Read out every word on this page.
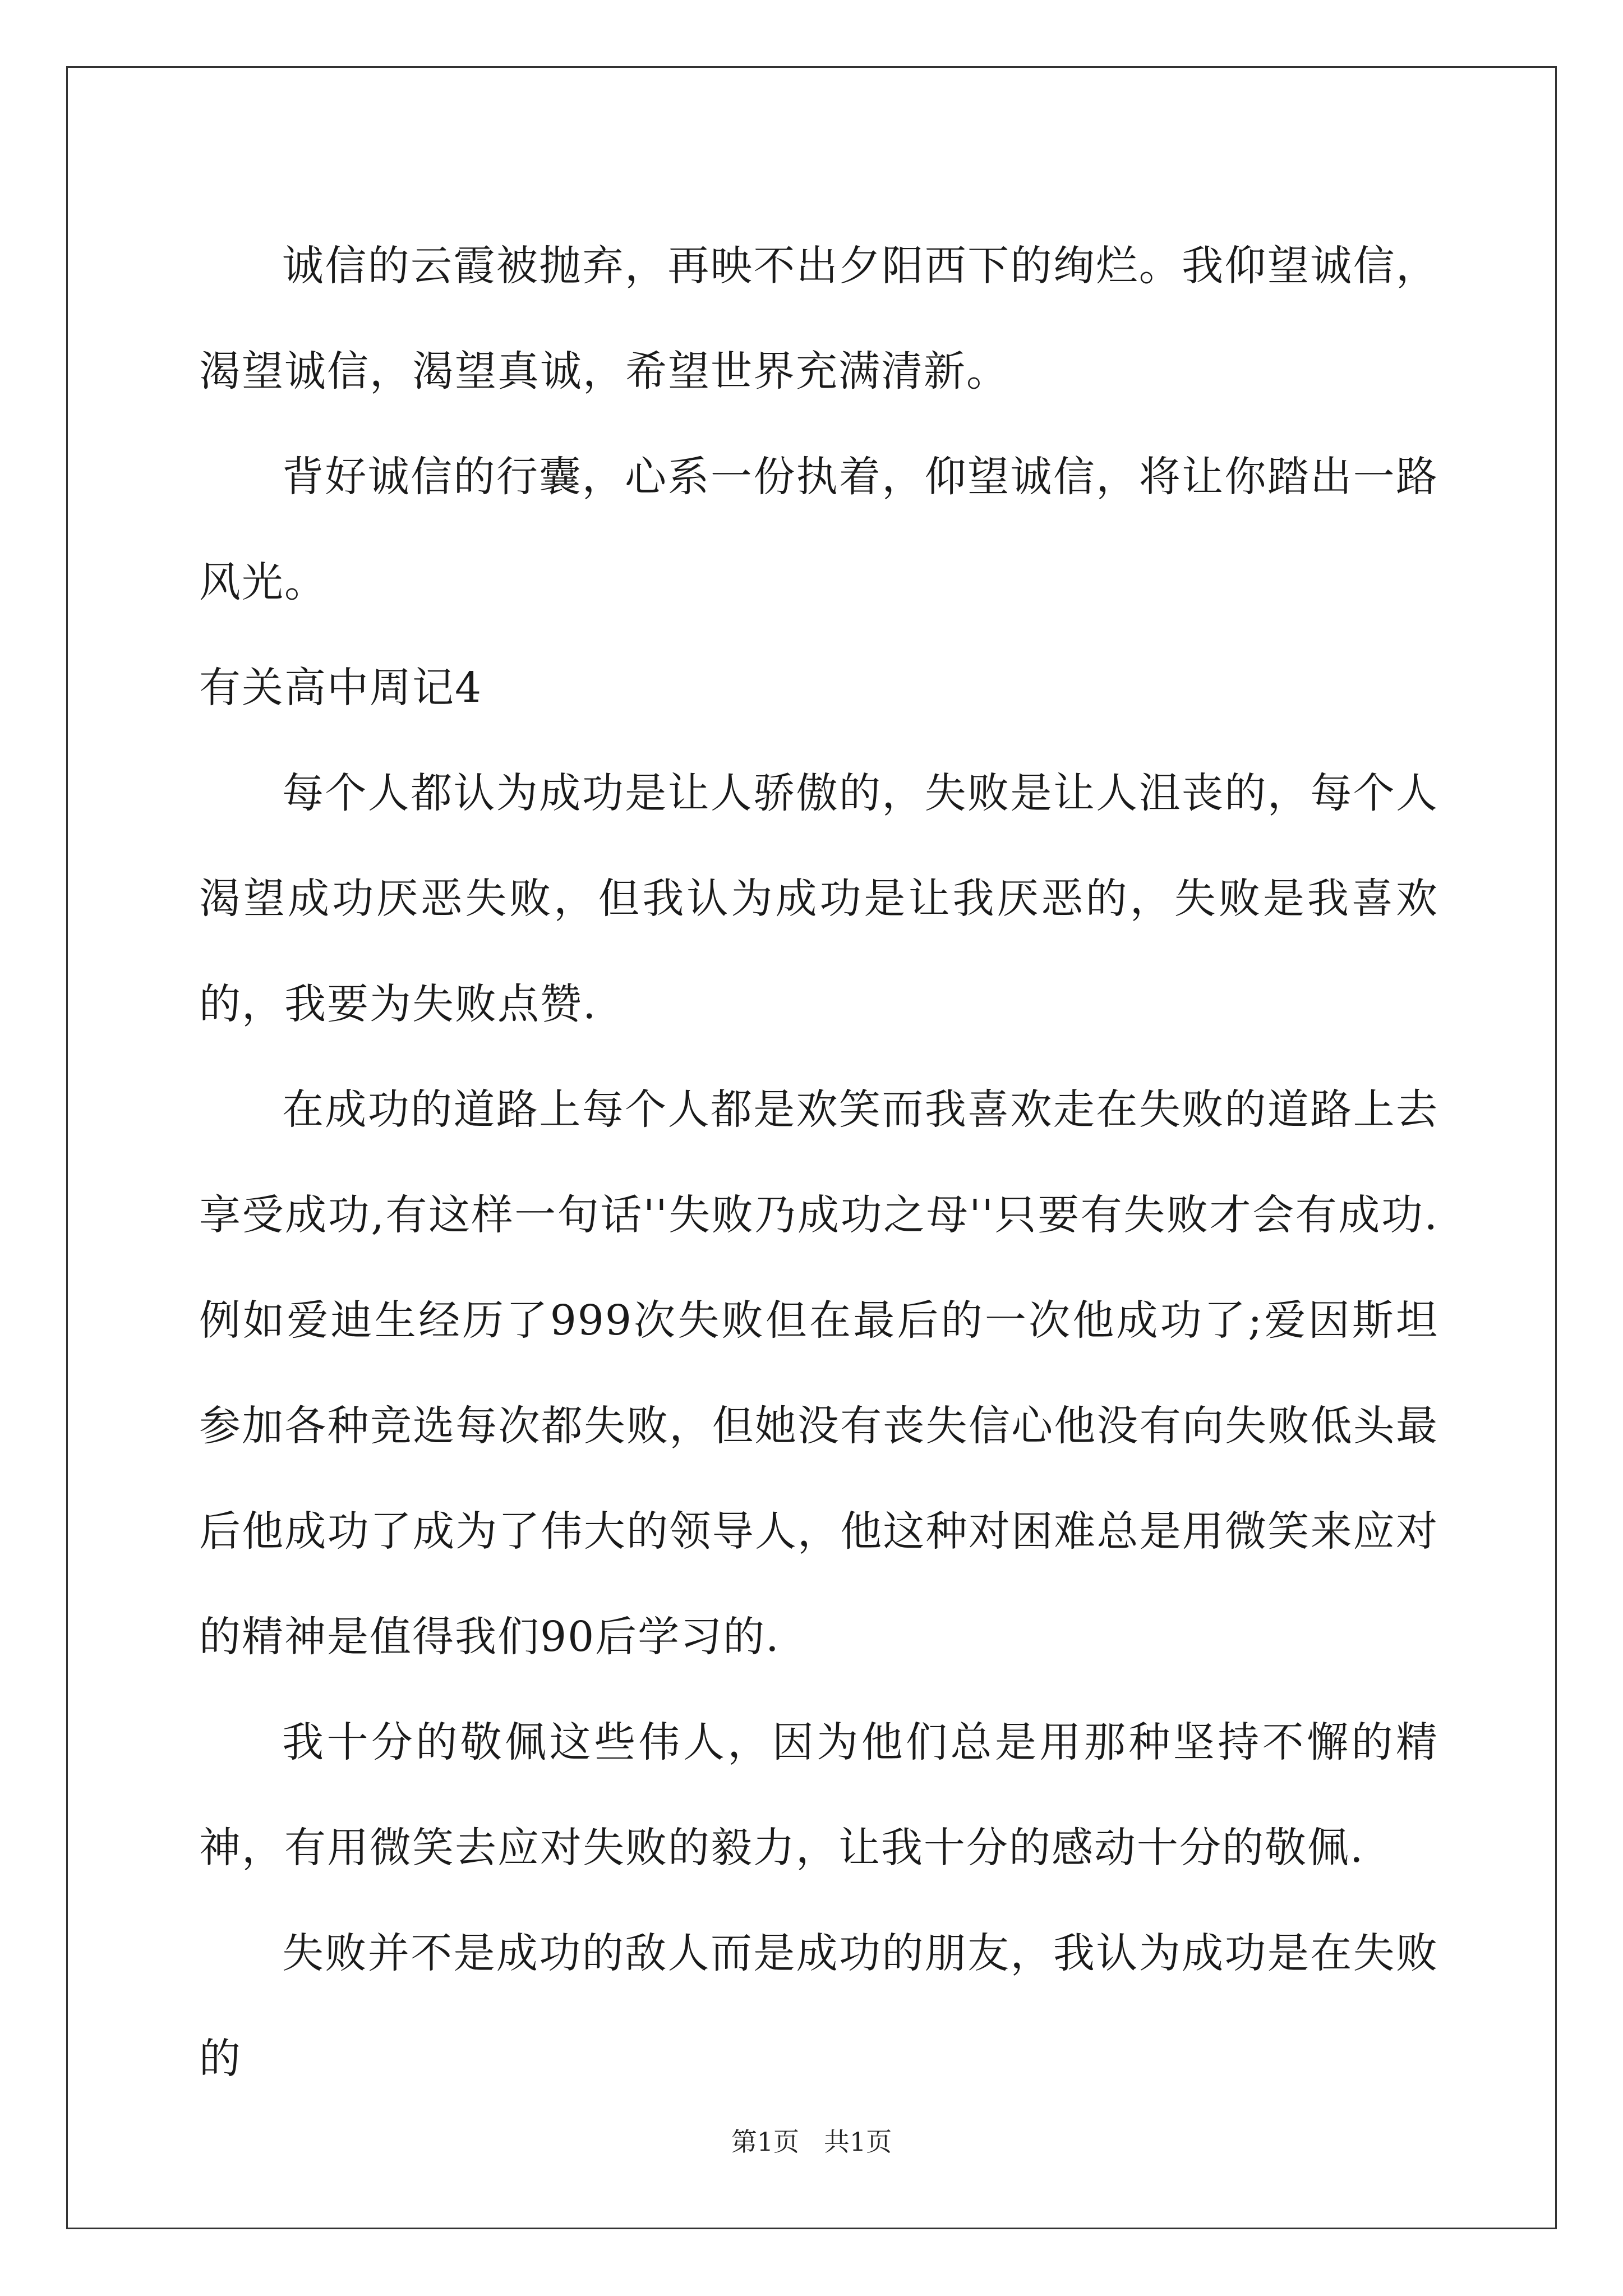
诚信的云霞被抛弃，再映不出夕阳西下的绚烂。我仰望诚信，渴望诚信，渴望真诚，希望世界充满清新。

背好诚信的行囊，心系一份执着，仰望诚信，将让你踏出一路风光。

有关高中周记4

每个人都认为成功是让人骄傲的，失败是让人沮丧的，每个人渴望成功厌恶失败，但我认为成功是让我厌恶的，失败是我喜欢的，我要为失败点赞.

在成功的道路上每个人都是欢笑而我喜欢走在失败的道路上去享受成功,有这样一句话''失败乃成功之母''只要有失败才会有成功.例如爱迪生经历了999次失败但在最后的一次他成功了;爱因斯坦参加各种竞选每次都失败，但她没有丧失信心他没有向失败低头最后他成功了成为了伟大的领导人，他这种对困难总是用微笑来应对的精神是值得我们90后学习的.

我十分的敬佩这些伟人，因为他们总是用那种坚持不懈的精神，有用微笑去应对失败的毅力，让我十分的感动十分的敬佩.

失败并不是成功的敌人而是成功的朋友，我认为成功是在失败的

第1页 共1页
